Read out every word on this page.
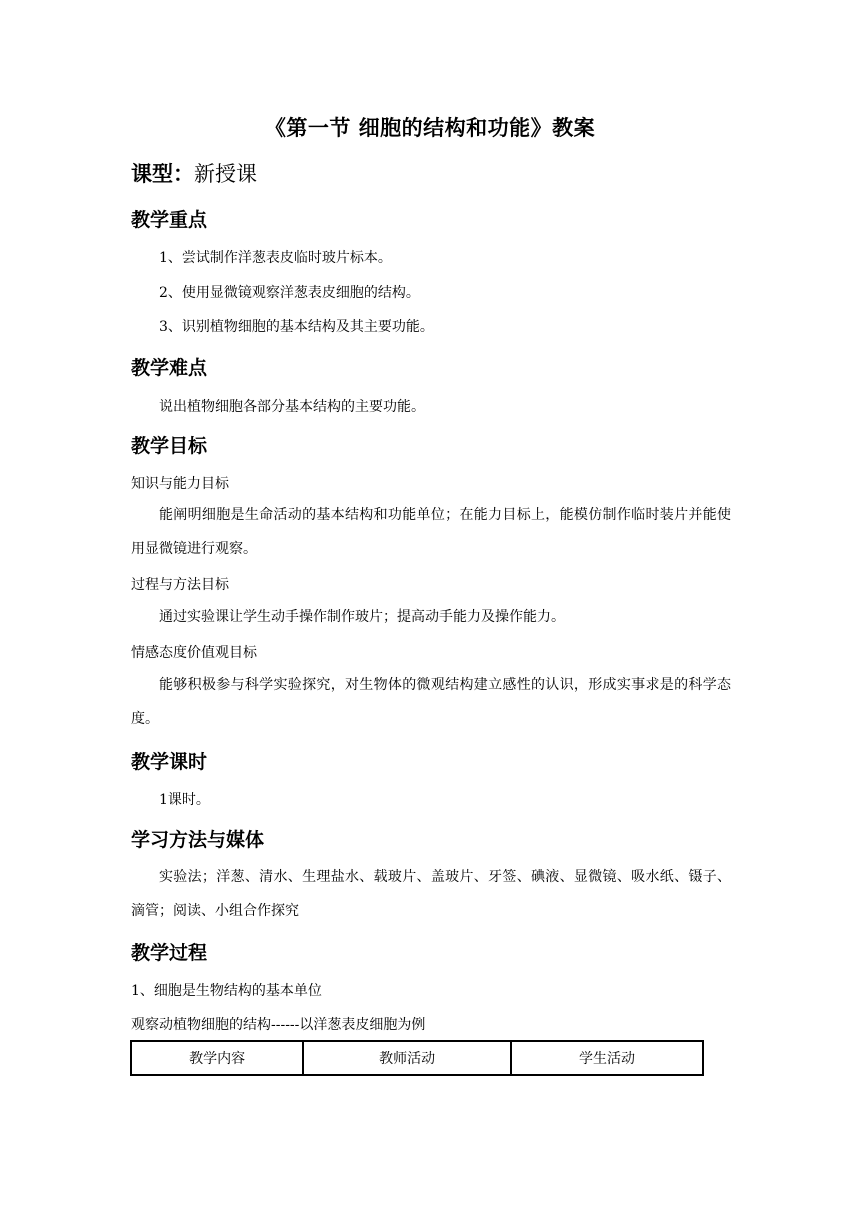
《第一节 细胞的结构和功能》教案
课型：新授课
教学重点
1、尝试制作洋葱表皮临时玻片标本。
2、使用显微镜观察洋葱表皮细胞的结构。
3、识别植物细胞的基本结构及其主要功能。
教学难点
说出植物细胞各部分基本结构的主要功能。
教学目标
知识与能力目标
能阐明细胞是生命活动的基本结构和功能单位；在能力目标上，能模仿制作临时装片并能使用显微镜进行观察。
过程与方法目标
通过实验课让学生动手操作制作玻片；提高动手能力及操作能力。
情感态度价值观目标
能够积极参与科学实验探究，对生物体的微观结构建立感性的认识，形成实事求是的科学态度。
教学课时
1课时。
学习方法与媒体
实验法；洋葱、清水、生理盐水、载玻片、盖玻片、牙签、碘液、显微镜、吸水纸、镊子、滴管；阅读、小组合作探究
教学过程
1、细胞是生物结构的基本单位
观察动植物细胞的结构------以洋葱表皮细胞为例
教学内容	教师活动	学生活动
